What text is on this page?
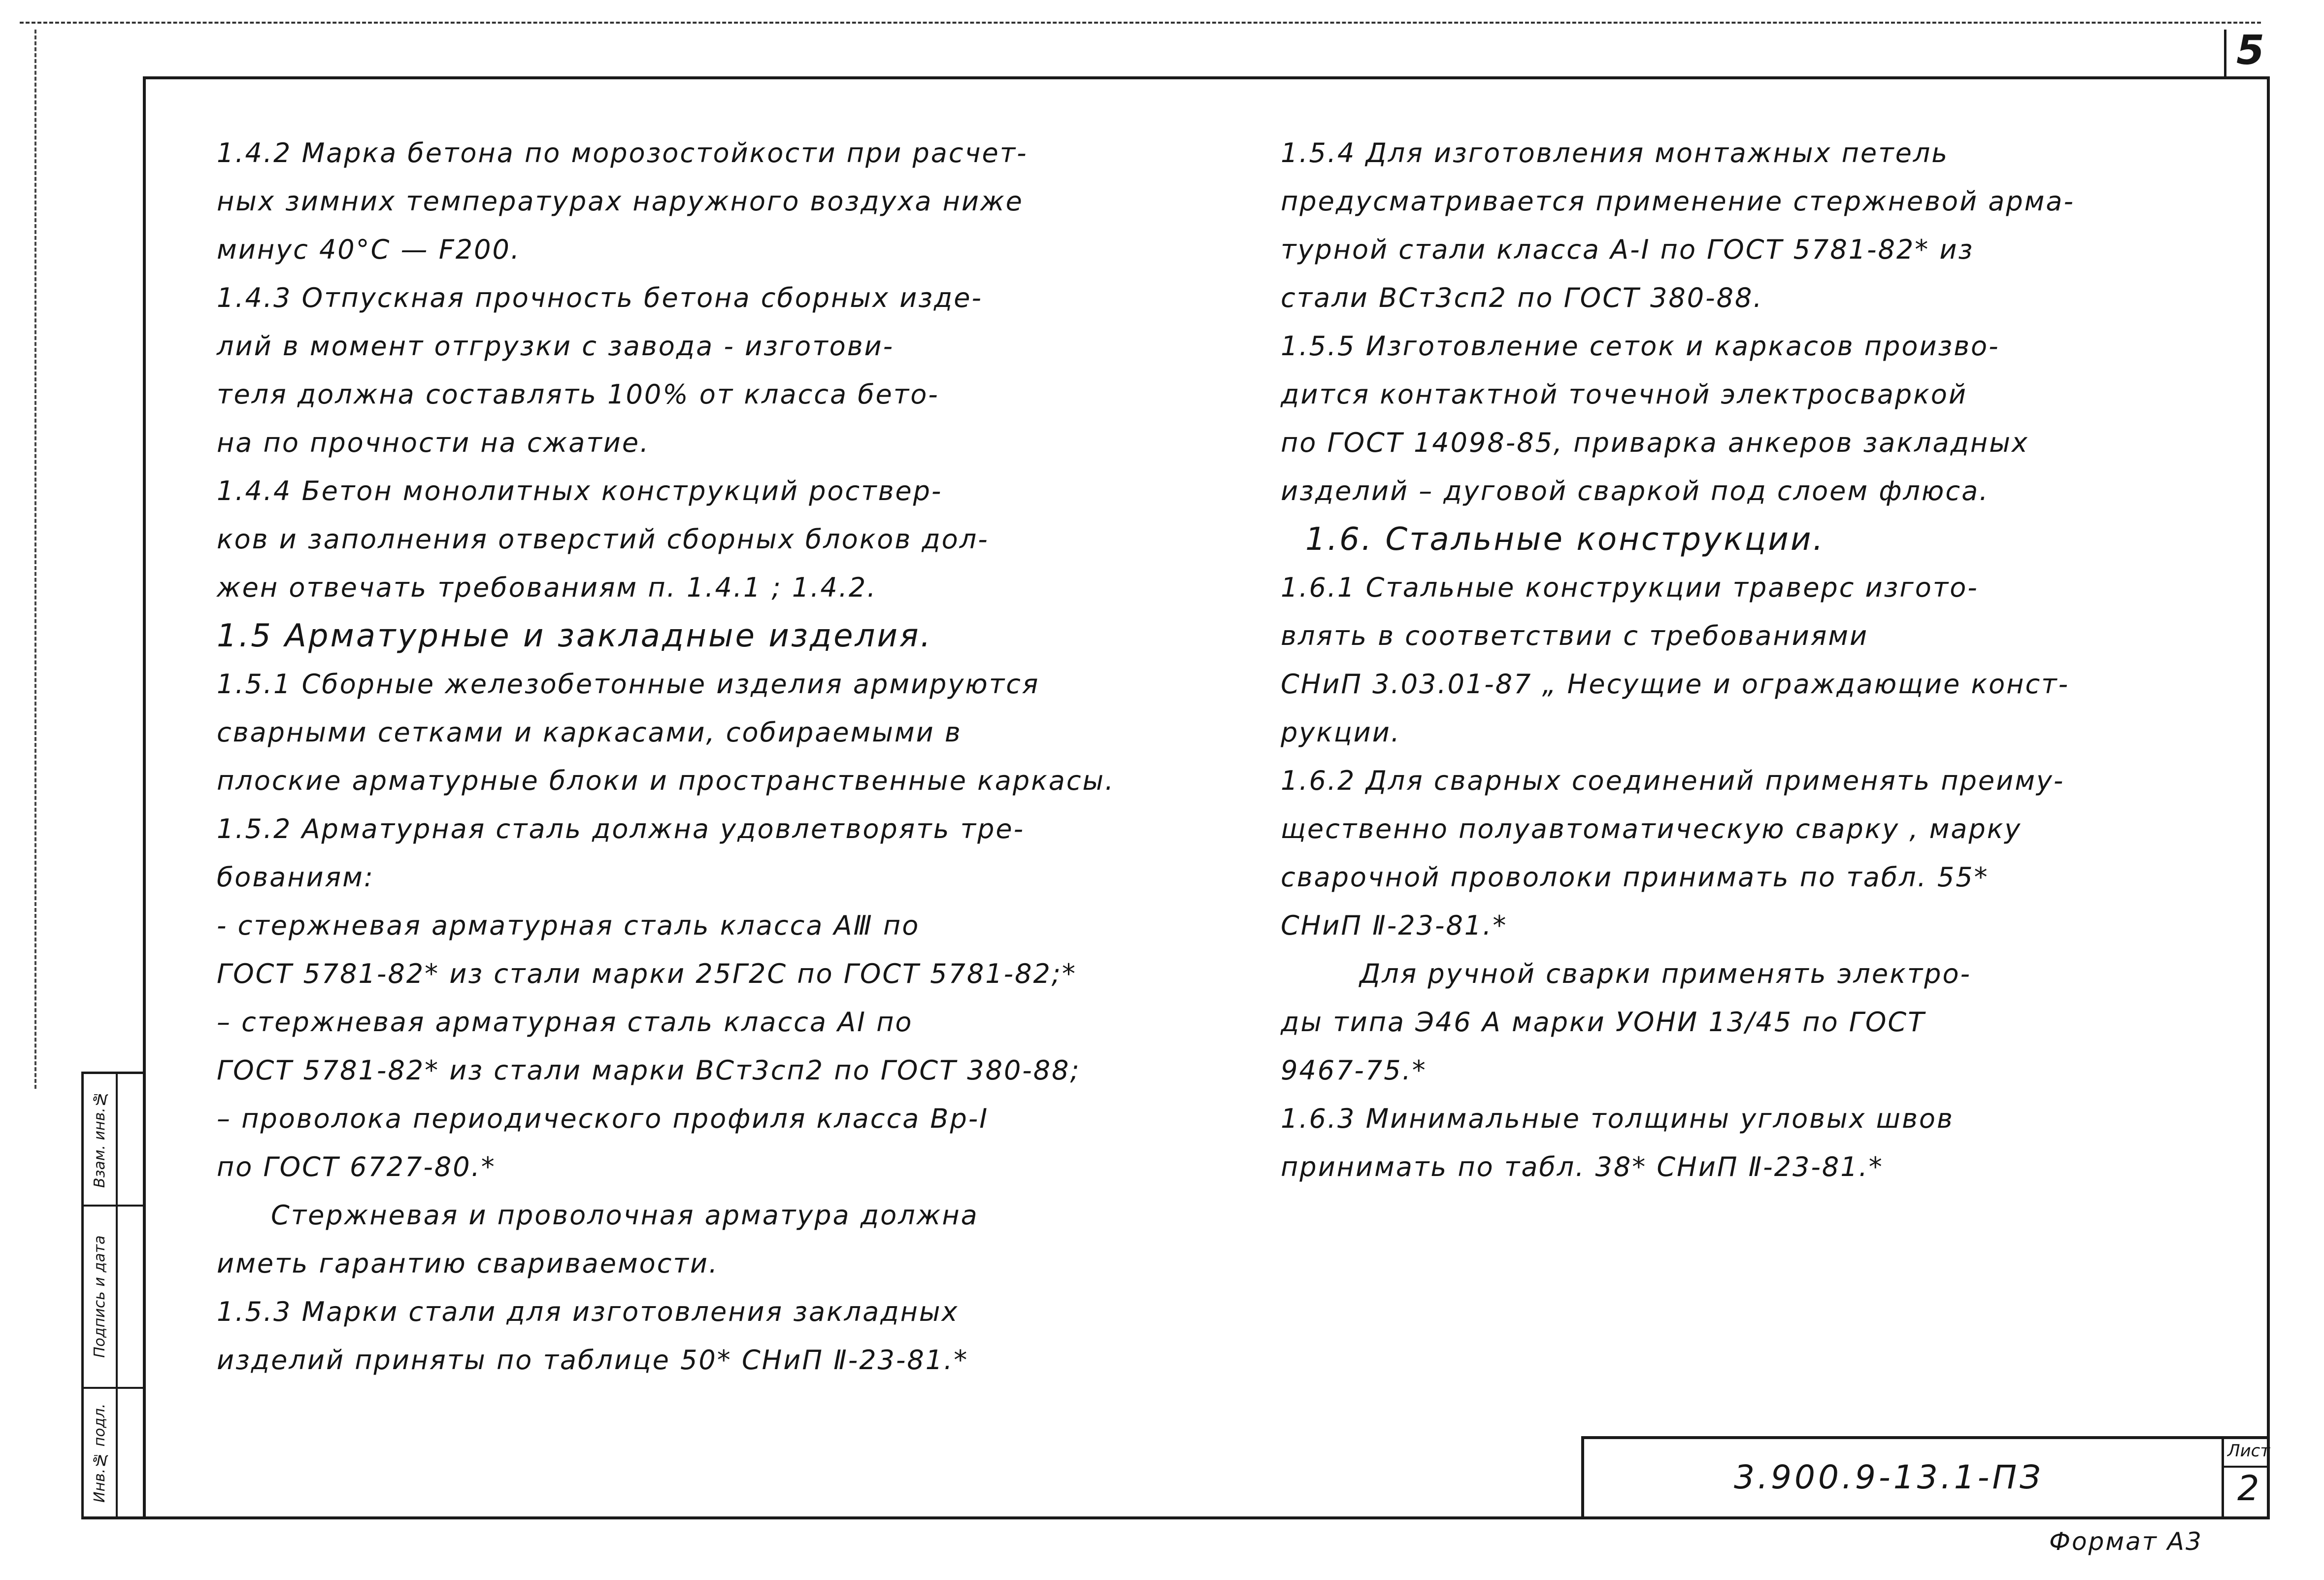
5
Инв.№ подл.
Подпись и дата
Взам. инв.№
Лист
2
3.900.9-13.1-ПЗ
Формат А3
1.4.2 Марка бетона по морозостойкости при расчет-
ных зимних температурах наружного воздуха ниже
минус 40°С — F200.
1.4.3 Отпускная прочность бетона сборных изде-
лий в момент отгрузки с завода - изготови-
теля должна составлять 100% от класса бето-
на по прочности на сжатие.
1.4.4 Бетон монолитных конструкций роствер-
ков и заполнения отверстий сборных блоков дол-
жен отвечать требованиям п. 1.4.1 ; 1.4.2.
1.5 Арматурные и закладные изделия.
1.5.1 Сборные железобетонные изделия армируются
сварными сетками и каркасами, собираемыми в
плоские арматурные блоки и пространственные каркасы.
1.5.2 Арматурная сталь должна удовлетворять тре-
бованиям:
- стержневая арматурная сталь класса АⅢ по
ГОСТ 5781-82* из стали марки 25Г2С по ГОСТ 5781-82;*
– стержневая арматурная сталь класса АⅠ по
ГОСТ 5781-82* из стали марки ВСт3сп2 по ГОСТ 380-88;
– проволока периодического профиля класса Вр-Ⅰ
по ГОСТ 6727-80.*
Стержневая и проволочная арматура должна
иметь гарантию свариваемости.
1.5.3 Марки стали для изготовления закладных
изделий приняты по таблице 50* СНиП Ⅱ-23-81.*
1.5.4 Для изготовления монтажных петель
предусматривается применение стержневой арма-
турной стали класса А-Ⅰ по ГОСТ 5781-82* из
стали ВСт3сп2 по ГОСТ 380-88.
1.5.5 Изготовление сеток и каркасов произво-
дится контактной точечной электросваркой
по ГОСТ 14098-85, приварка анкеров закладных
изделий – дуговой сваркой под слоем флюса.
1.6. Стальные конструкции.
1.6.1 Стальные конструкции траверс изгото-
влять в соответствии с требованиями
СНиП 3.03.01-87 „ Несущие и ограждающие конст-
рукции.
1.6.2 Для сварных соединений применять преиму-
щественно полуавтоматическую сварку , марку
сварочной проволоки принимать по табл. 55*
СНиП Ⅱ-23-81.*
Для ручной сварки применять электро-
ды типа Э46 А марки УОНИ 13/45 по ГОСТ
9467-75.*
1.6.3 Минимальные толщины угловых швов
принимать по табл. 38* СНиП Ⅱ-23-81.*
